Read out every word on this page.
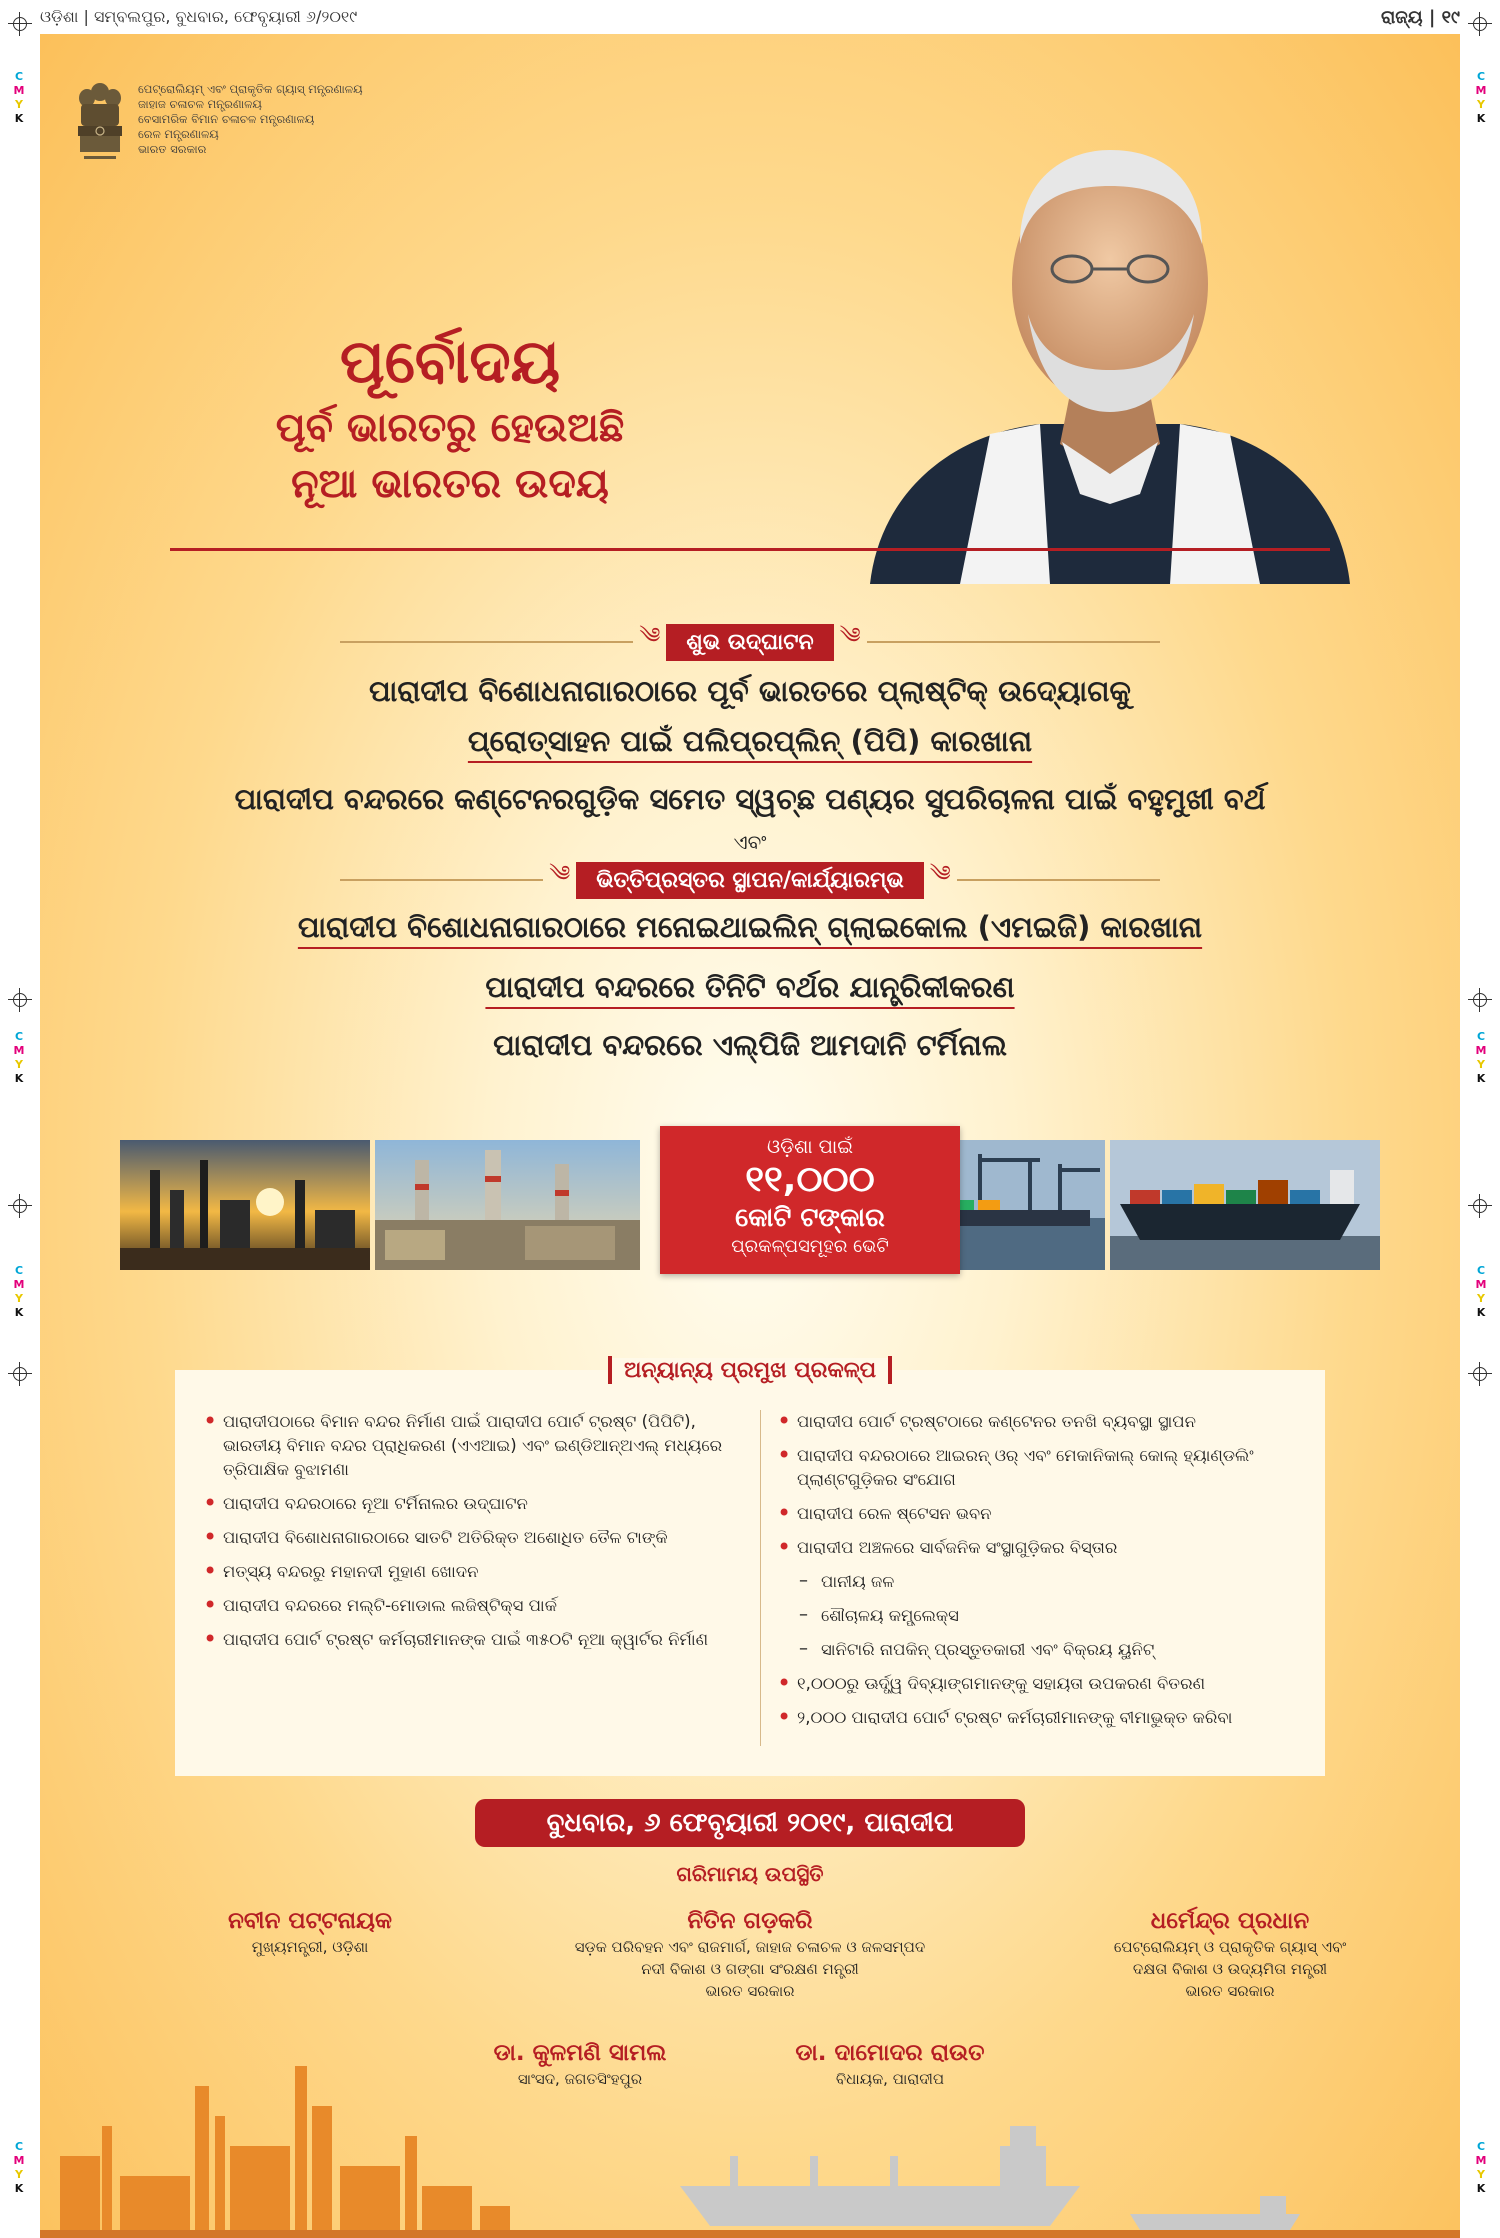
ଓଡ଼ିଶା | ସମ୍ବଲପୁର, ବୁଧବାର, ଫେବୃୟାରୀ ୬/୨୦୧୯	ରାଜ୍ୟ | ୧୯
C
M
Y
K
C
M
Y
K
C
M
Y
K
C
M
Y
K
C
M
Y
K
C
M
Y
K
C
M
Y
K
C
M
Y
K
ପେଟ୍ରୋଲିୟମ୍ ଏବଂ ପ୍ରାକୃତିକ ଗ୍ୟାସ୍ ମନ୍ତ୍ରଣାଳୟ
ଜାହାଜ ଚଳାଚଳ ମନ୍ତ୍ରଣାଳୟ
ବେସାମରିକ ବିମାନ ଚଳାଚଳ ମନ୍ତ୍ରଣାଳୟ
ରେଳ ମନ୍ତ୍ରଣାଳୟ
ଭାରତ ସରକାର
ପୂର୍ବୋଦୟ
ପୂର୍ବ ଭାରତରୁ ହେଉଅଛି
ନୂଆ ଭାରତର ଉଦୟ
༄	ଶୁଭ ଉଦ୍‌ଘାଟନ	༄
ପାରାଦୀପ ବିଶୋଧନାଗାରଠାରେ ପୂର୍ବ ଭାରତରେ ପ୍ଲାଷ୍ଟିକ୍ ଉଦ୍ୟୋଗକୁ
ପ୍ରୋତ୍ସାହନ ପାଇଁ ପଲିପ୍ରପ୍ଲିନ୍ (ପିପି) କାରଖାନା
ପାରାଦୀପ ବନ୍ଦରରେ କଣ୍ଟେନରଗୁଡ଼ିକ ସମେତ ସ୍ୱଚ୍ଛ ପଣ୍ୟର ସୁପରିଚାଳନା ପାଇଁ ବହୁମୁଖୀ ବର୍ଥ
ଏବଂ
༄	ଭିତ୍ତିପ୍ରସ୍ତର ସ୍ଥାପନ/କାର୍ଯ୍ୟାରମ୍ଭ	༄
ପାରାଦୀପ ବିଶୋଧନାଗାରଠାରେ ମନୋଇଥାଇଲିନ୍ ଗ୍ଲାଇକୋଲ (ଏମଇଜି) କାରଖାନା
ପାରାଦୀପ ବନ୍ଦରରେ ତିନିଟି ବର୍ଥର ଯାନ୍ତ୍ରିକୀକରଣ
ପାରାଦୀପ ବନ୍ଦରରେ ଏଲ୍‌ପିଜି ଆମଦାନି ଟର୍ମିନାଲ
ଓଡ଼ିଶା ପାଇଁ
୧୧,୦୦୦
କୋଟି ଟଙ୍କାର
ପ୍ରକଳ୍ପସମୂହର ଭେଟି
ଅନ୍ୟାନ୍ୟ ପ୍ରମୁଖ ପ୍ରକଳ୍ପ
• ପାରାଦୀପଠାରେ ବିମାନ ବନ୍ଦର ନିର୍ମାଣ ପାଇଁ ପାରାଦୀପ ପୋର୍ଟ ଟ୍ରଷ୍ଟ (ପିପିଟି), ଭାରତୀୟ ବିମାନ ବନ୍ଦର ପ୍ରାଧିକରଣ (ଏଏଆଇ) ଏବଂ ଇଣ୍ଡିଆନ୍‌ଅଏଲ୍ ମଧ୍ୟରେ ତ୍ରିପାକ୍ଷିକ ବୁଝାମଣା
• ପାରାଦୀପ ବନ୍ଦରଠାରେ ନୂଆ ଟର୍ମିନାଲର ଉଦ୍‌ଘାଟନ
• ପାରାଦୀପ ବିଶୋଧନାଗାରଠାରେ ସାତଟି ଅତିରିକ୍ତ ଅଶୋଧିତ ତୈଳ ଟାଙ୍କି
• ମତ୍ସ୍ୟ ବନ୍ଦରରୁ ମହାନଦୀ ମୁହାଣ ଖୋଦନ
• ପାରାଦୀପ ବନ୍ଦରରେ ମଲ୍ଟି-ମୋଡାଲ ଲଜିଷ୍ଟିକ୍ସ ପାର୍କ
• ପାରାଦୀପ ପୋର୍ଟ ଟ୍ରଷ୍ଟ କର୍ମଚାରୀମାନଙ୍କ ପାଇଁ ୩୫୦ଟି ନୂଆ କ୍ୱାର୍ଟର ନିର୍ମାଣ
• ପାରାଦୀପ ପୋର୍ଟ ଟ୍ରଷ୍ଟଠାରେ କଣ୍ଟେନର ତନଖି ବ୍ୟବସ୍ଥା ସ୍ଥାପନ
• ପାରାଦୀପ ବନ୍ଦରଠାରେ ଆଇରନ୍ ଓର୍ ଏବଂ ମେକାନିକାଲ୍ କୋଲ୍ ହ୍ୟାଣ୍ଡଲିଂ ପ୍ଲାଣ୍ଟଗୁଡ଼ିକର ସଂଯୋଗ
• ପାରାଦୀପ ରେଳ ଷ୍ଟେସନ ଭବନ
• ପାରାଦୀପ ଅଞ୍ଚଳରେ ସାର୍ବଜନିକ ସଂସ୍ଥାଗୁଡ଼ିକର ବିସ୍ତାର
– ପାନୀୟ ଜଳ
– ଶୌଚାଳୟ କମ୍ପ୍ଲେକ୍ସ
– ସାନିଟାରି ନାପକିନ୍ ପ୍ରସ୍ତୁତକାରୀ ଏବଂ ବିକ୍ରୟ ୟୁନିଟ୍
• ୧,୦୦୦ରୁ ଊର୍ଦ୍ଧ୍ୱ ଦିବ୍ୟାଙ୍ଗମାନଙ୍କୁ ସହାୟତା ଉପକରଣ ବିତରଣ
• ୨,୦୦୦ ପାରାଦୀପ ପୋର୍ଟ ଟ୍ରଷ୍ଟ କର୍ମଚାରୀମାନଙ୍କୁ ବୀମାଭୁକ୍ତ କରିବା
ବୁଧବାର, ୬ ଫେବୃୟାରୀ ୨୦୧୯, ପାରାଦୀପ
ଗରିମାମୟ ଉପସ୍ଥିତି
ନବୀନ ପଟ୍ଟନାୟକ
ମୁଖ୍ୟମନ୍ତ୍ରୀ, ଓଡ଼ିଶା
ନିତିନ ଗଡ଼କରି
ସଡ଼କ ପରିବହନ ଏବଂ ରାଜମାର୍ଗ, ଜାହାଜ ଚଳାଚଳ ଓ ଜଳସମ୍ପଦ
ନଦୀ ବିକାଶ ଓ ଗଙ୍ଗା ସଂରକ୍ଷଣ ମନ୍ତ୍ରୀ
ଭାରତ ସରକାର
ଧର୍ମେନ୍ଦ୍ର ପ୍ରଧାନ
ପେଟ୍ରୋଲିୟମ୍ ଓ ପ୍ରାକୃତିକ ଗ୍ୟାସ୍ ଏବଂ
ଦକ୍ଷତା ବିକାଶ ଓ ଉଦ୍ୟମିତା ମନ୍ତ୍ରୀ
ଭାରତ ସରକାର
ଡା. କୁଳମଣି ସାମଲ
ସାଂସଦ, ଜଗତସିଂହପୁର
ଡା. ଦାମୋଦର ରାଉତ
ବିଧାୟକ, ପାରାଦୀପ
